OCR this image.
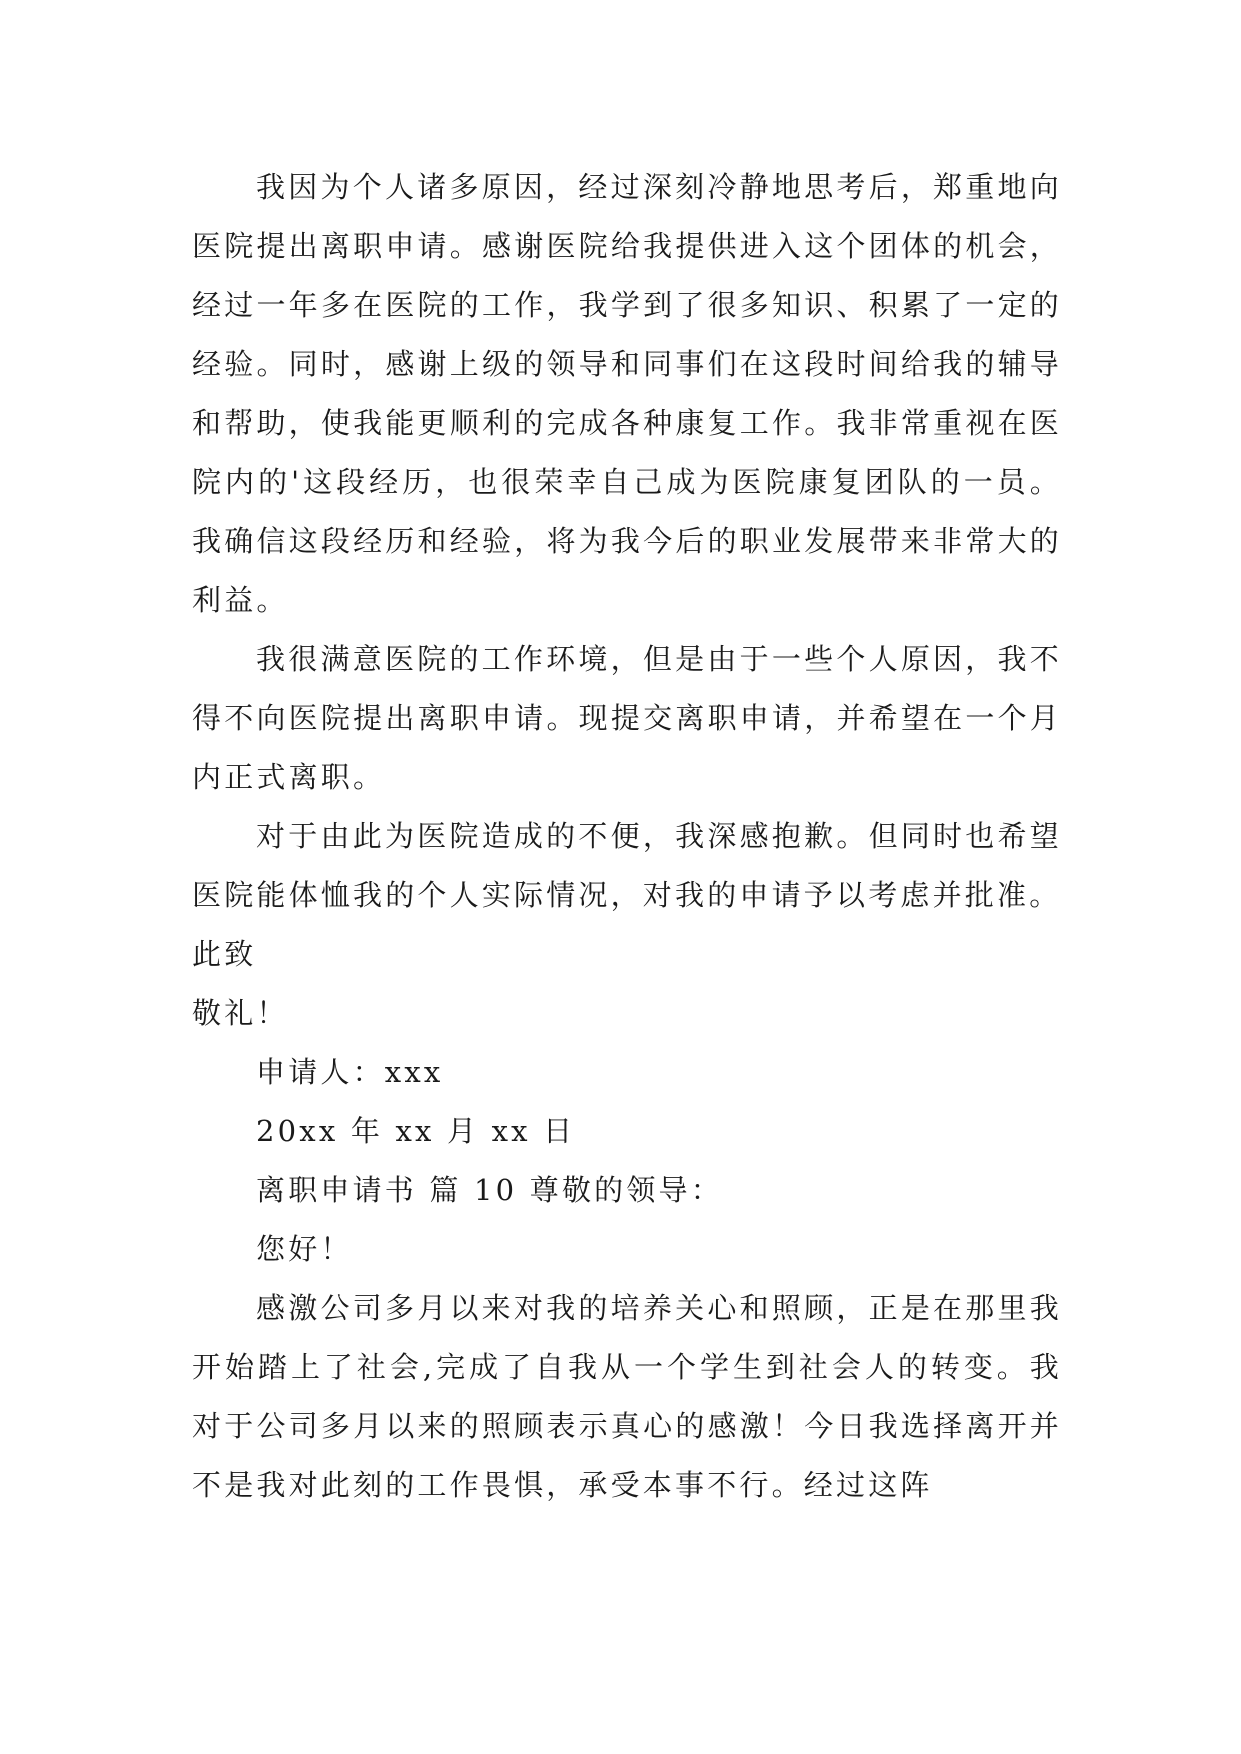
我因为个人诸多原因，经过深刻冷静地思考后，郑重地向医院提出离职申请。感谢医院给我提供进入这个团体的机会，经过一年多在医院的工作，我学到了很多知识、积累了一定的经验。同时，感谢上级的领导和同事们在这段时间给我的辅导和帮助，使我能更顺利的完成各种康复工作。我非常重视在医院内的'这段经历，也很荣幸自己成为医院康复团队的一员。我确信这段经历和经验，将为我今后的职业发展带来非常大的利益。

我很满意医院的工作环境，但是由于一些个人原因，我不得不向医院提出离职申请。现提交离职申请，并希望在一个月内正式离职。

对于由此为医院造成的不便，我深感抱歉。但同时也希望医院能体恤我的个人实际情况，对我的申请予以考虑并批准。

此致

敬礼！

申请人：xxx

20xx 年 xx 月 xx 日

离职申请书 篇 10 尊敬的领导：

您好！

感激公司多月以来对我的培养关心和照顾，正是在那里我开始踏上了社会,完成了自我从一个学生到社会人的转变。我对于公司多月以来的照顾表示真心的感激！今日我选择离开并不是我对此刻的工作畏惧，承受本事不行。经过这阵
